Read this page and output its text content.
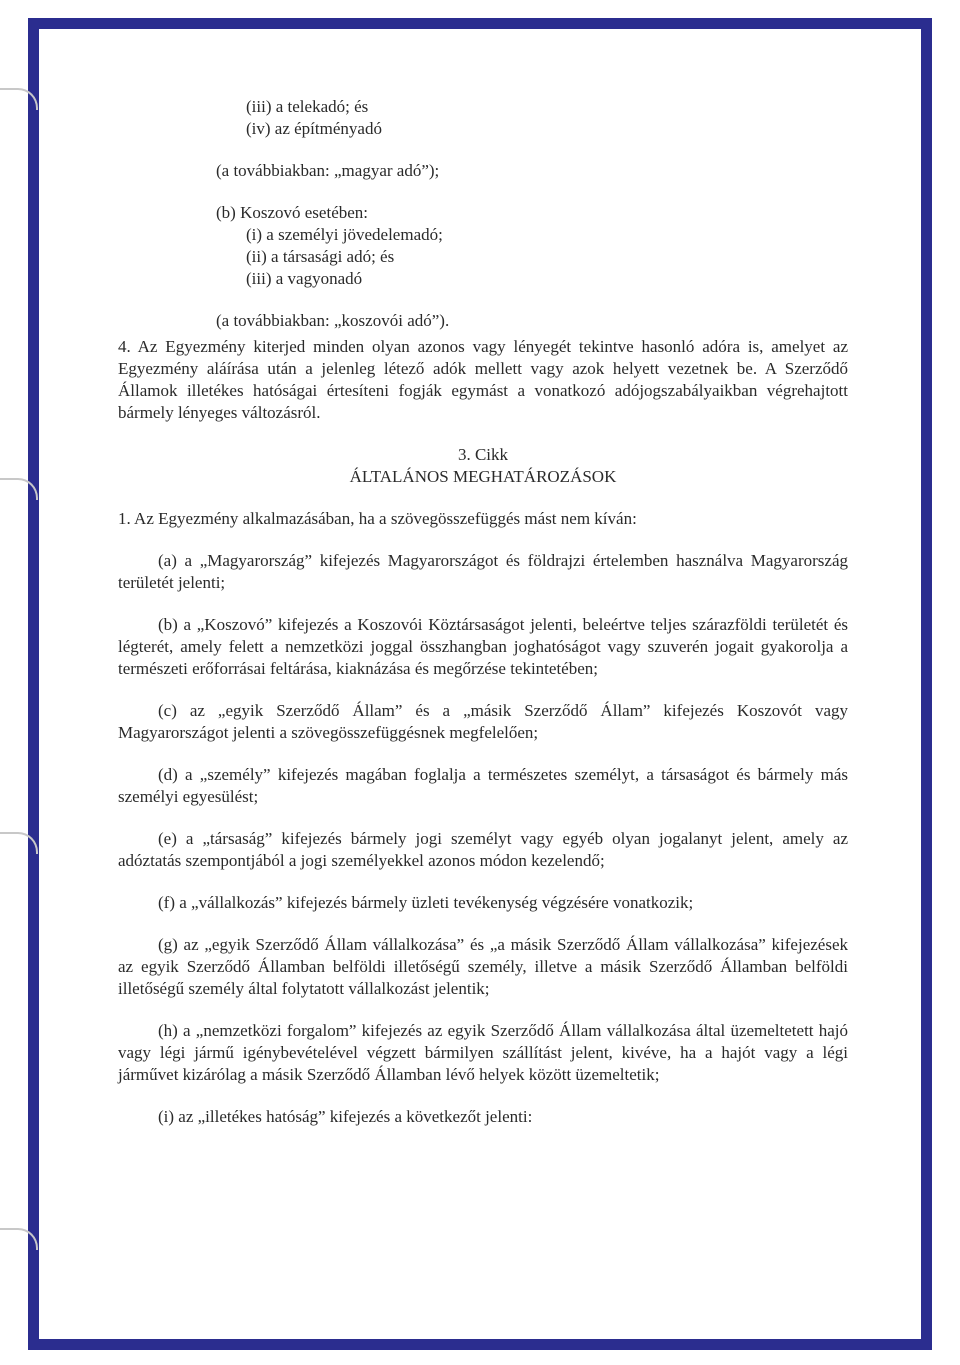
(iii) a telekadó; és

(iv) az építményadó

(a továbbiakban: „magyar adó”);

(b) Koszovó esetében:

(i) a személyi jövedelemadó;

(ii) a társasági adó; és

(iii) a vagyonadó

(a továbbiakban: „koszovói adó”).

4. Az Egyezmény kiterjed minden olyan azonos vagy lényegét tekintve hasonló adóra is, amelyet az Egyezmény aláírása után a jelenleg létező adók mellett vagy azok helyett vezetnek be. A Szerződő Államok illetékes hatóságai értesíteni fogják egymást a vonatkozó adójogszabályaikban végrehajtott bármely lényeges változásról.

3. Cikk

ÁLTALÁNOS MEGHATÁROZÁSOK

1. Az Egyezmény alkalmazásában, ha a szövegösszefüggés mást nem kíván:

(a) a „Magyarország” kifejezés Magyarországot és földrajzi értelemben használva Magyarország területét jelenti;

(b) a „Koszovó” kifejezés a Koszovói Köztársaságot jelenti, beleértve teljes szárazföldi területét és légterét, amely felett a nemzetközi joggal összhangban joghatóságot vagy szuverén jogait gyakorolja a természeti erőforrásai feltárása, kiaknázása és megőrzése tekintetében;

(c) az „egyik Szerződő Állam” és a „másik Szerződő Állam” kifejezés Koszovót vagy Magyarországot jelenti a szövegösszefüggésnek megfelelően;

(d) a „személy” kifejezés magában foglalja a természetes személyt, a társaságot és bármely más személyi egyesülést;

(e) a „társaság” kifejezés bármely jogi személyt vagy egyéb olyan jogalanyt jelent, amely az adóztatás szempontjából a jogi személyekkel azonos módon kezelendő;

(f) a „vállalkozás” kifejezés bármely üzleti tevékenység végzésére vonatkozik;

(g) az „egyik Szerződő Állam vállalkozása” és „a másik Szerződő Állam vállalkozása” kifejezések az egyik Szerződő Államban belföldi illetőségű személy, illetve a másik Szerződő Államban belföldi illetőségű személy által folytatott vállalkozást jelentik;

(h) a „nemzetközi forgalom” kifejezés az egyik Szerződő Állam vállalkozása által üzemeltetett hajó vagy légi jármű igénybevételével végzett bármilyen szállítást jelent, kivéve, ha a hajót vagy a légi járművet kizárólag a másik Szerződő Államban lévő helyek között üzemeltetik;

(i) az „illetékes hatóság” kifejezés a következőt jelenti:
